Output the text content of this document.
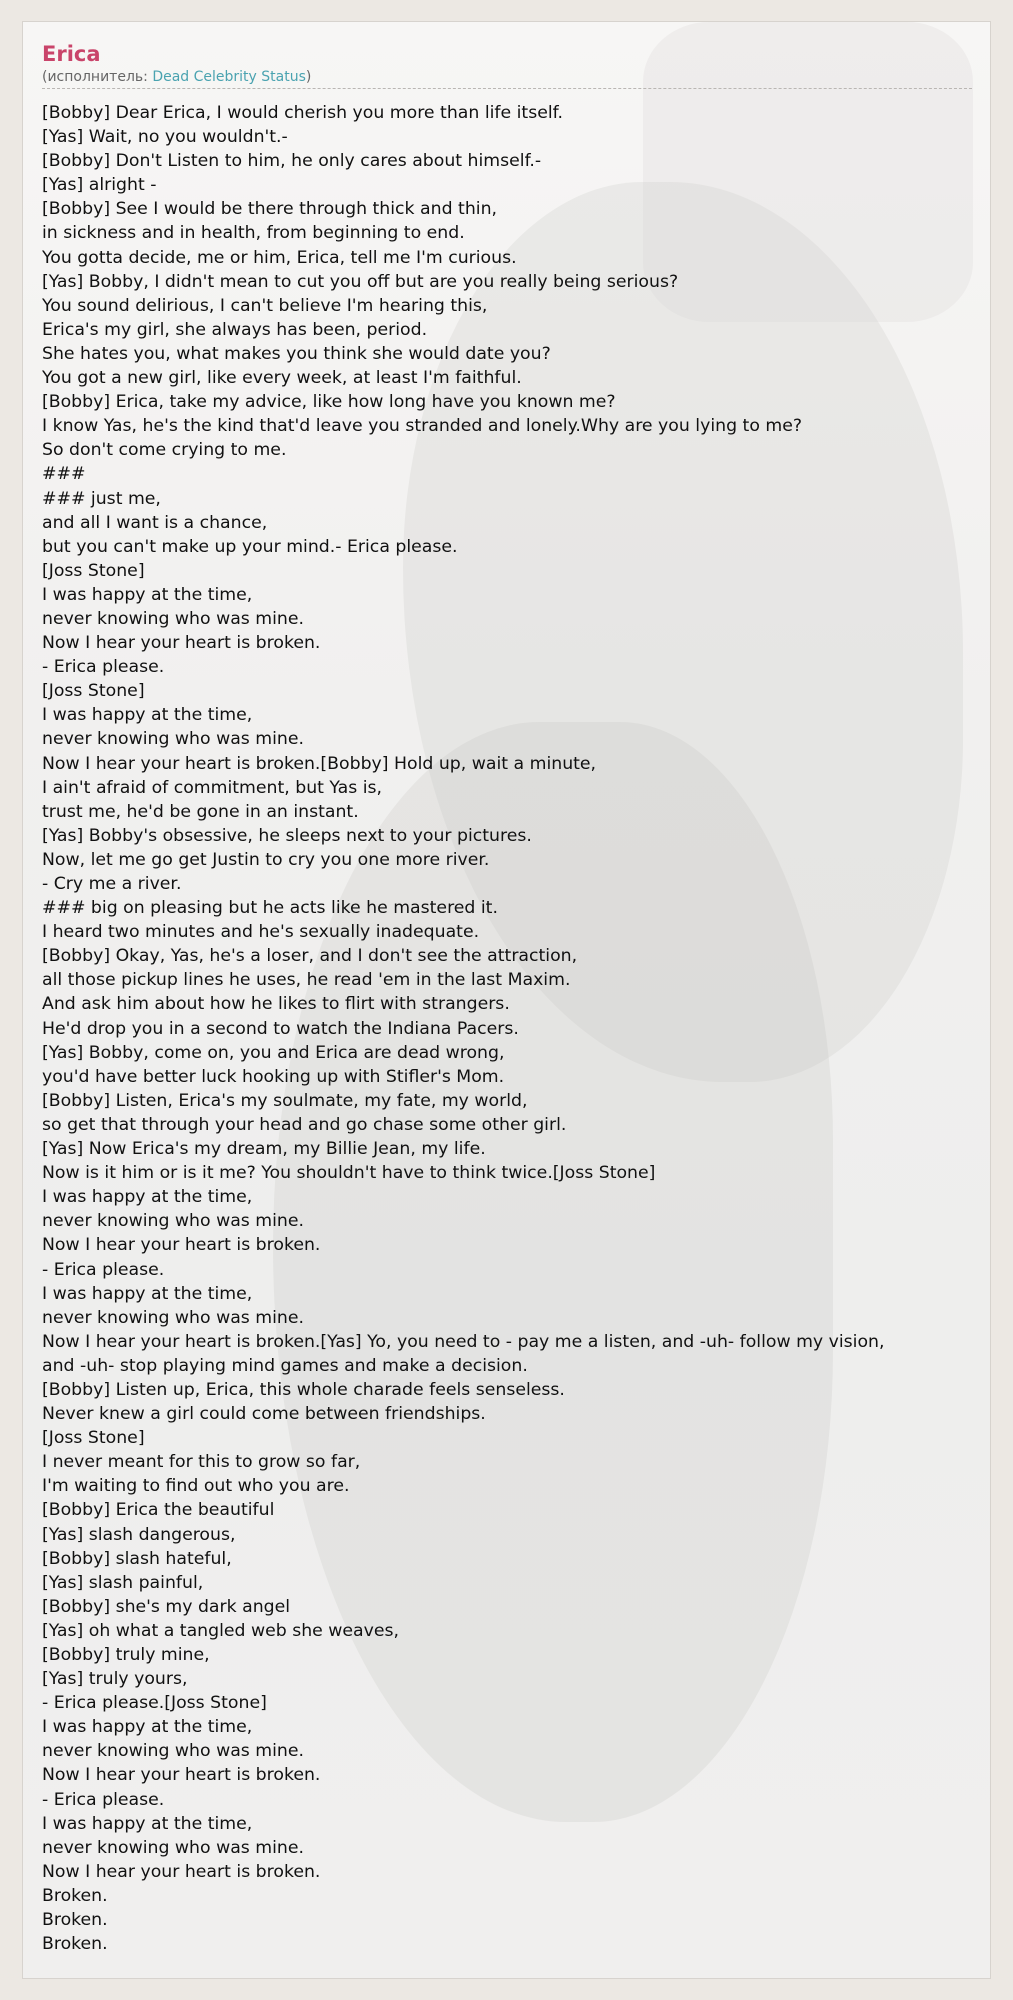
Erica
(исполнитель: Dead Celebrity Status)
[Bobby] Dear Erica, I would cherish you more than life itself.
[Yas] Wait, no you wouldn't.-
[Bobby] Don't Listen to him, he only cares about himself.-
[Yas] alright -
[Bobby] See I would be there through thick and thin,
in sickness and in health, from beginning to end.
You gotta decide, me or him, Erica, tell me I'm curious.
[Yas] Bobby, I didn't mean to cut you off but are you really being serious?
You sound delirious, I can't believe I'm hearing this,
Erica's my girl, she always has been, period.
She hates you, what makes you think she would date you?
You got a new girl, like every week, at least I'm faithful.
[Bobby] Erica, take my advice, like how long have you known me?
I know Yas, he's the kind that'd leave you stranded and lonely.Why are you lying to me?
So don't come crying to me.
###
### just me,
and all I want is a chance,
but you can't make up your mind.- Erica please.
[Joss Stone]
I was happy at the time,
never knowing who was mine.
Now I hear your heart is broken.
- Erica please.
[Joss Stone]
I was happy at the time,
never knowing who was mine.
Now I hear your heart is broken.[Bobby] Hold up, wait a minute,
I ain't afraid of commitment, but Yas is,
trust me, he'd be gone in an instant.
[Yas] Bobby's obsessive, he sleeps next to your pictures.
Now, let me go get Justin to cry you one more river.
- Cry me a river.
### big on pleasing but he acts like he mastered it.
I heard two minutes and he's sexually inadequate.
[Bobby] Okay, Yas, he's a loser, and I don't see the attraction,
all those pickup lines he uses, he read 'em in the last Maxim.
And ask him about how he likes to flirt with strangers.
He'd drop you in a second to watch the Indiana Pacers.
[Yas] Bobby, come on, you and Erica are dead wrong,
you'd have better luck hooking up with Stifler's Mom.
[Bobby] Listen, Erica's my soulmate, my fate, my world,
so get that through your head and go chase some other girl.
[Yas] Now Erica's my dream, my Billie Jean, my life.
Now is it him or is it me? You shouldn't have to think twice.[Joss Stone]
I was happy at the time,
never knowing who was mine.
Now I hear your heart is broken.
- Erica please.
I was happy at the time,
never knowing who was mine.
Now I hear your heart is broken.[Yas] Yo, you need to - pay me a listen, and -uh- follow my vision,
and -uh- stop playing mind games and make a decision.
[Bobby] Listen up, Erica, this whole charade feels senseless.
Never knew a girl could come between friendships.
[Joss Stone]
I never meant for this to grow so far,
I'm waiting to find out who you are.
[Bobby] Erica the beautiful
[Yas] slash dangerous,
[Bobby] slash hateful,
[Yas] slash painful,
[Bobby] she's my dark angel
[Yas] oh what a tangled web she weaves,
[Bobby] truly mine,
[Yas] truly yours,
- Erica please.[Joss Stone]
I was happy at the time,
never knowing who was mine.
Now I hear your heart is broken.
- Erica please.
I was happy at the time,
never knowing who was mine.
Now I hear your heart is broken.
Broken.
Broken.
Broken.
